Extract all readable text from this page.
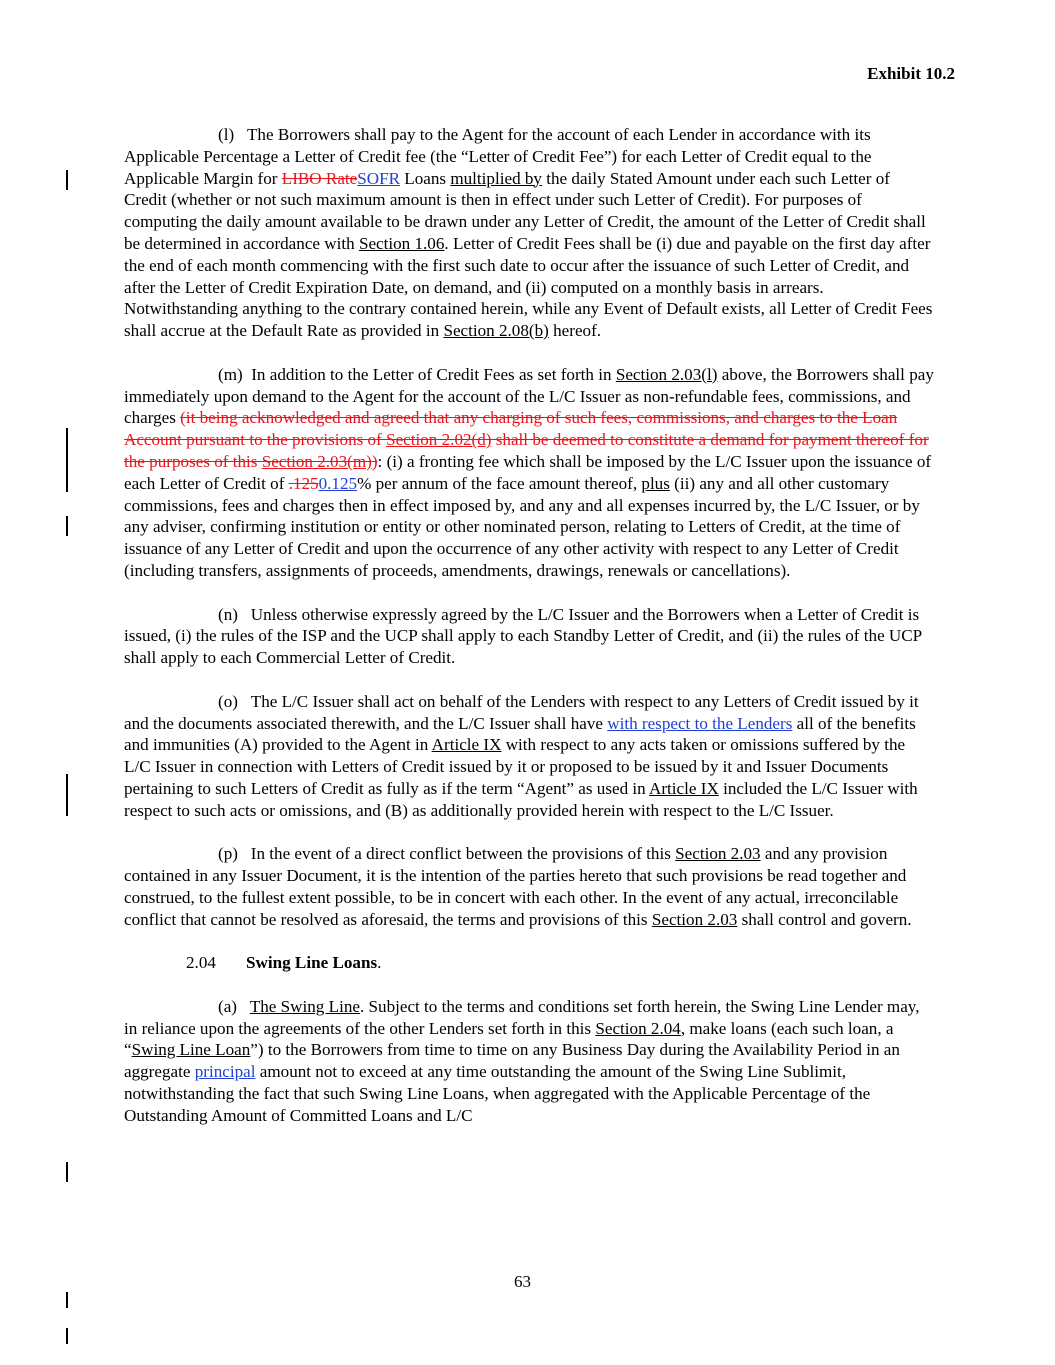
Exhibit 10.2

(l) The Borrowers shall pay to the Agent for the account of each Lender in accordance with its Applicable Percentage a Letter of Credit fee (the “Letter of Credit Fee”) for each Letter of Credit equal to the Applicable Margin for LIBO RateSOFR Loans multiplied by the daily Stated Amount under each such Letter of Credit (whether or not such maximum amount is then in effect under such Letter of Credit). For purposes of computing the daily amount available to be drawn under any Letter of Credit, the amount of the Letter of Credit shall be determined in accordance with Section 1.06. Letter of Credit Fees shall be (i) due and payable on the first day after the end of each month commencing with the first such date to occur after the issuance of such Letter of Credit, and after the Letter of Credit Expiration Date, on demand, and (ii) computed on a monthly basis in arrears. Notwithstanding anything to the contrary contained herein, while any Event of Default exists, all Letter of Credit Fees shall accrue at the Default Rate as provided in Section 2.08(b) hereof.

(m) In addition to the Letter of Credit Fees as set forth in Section 2.03(l) above, the Borrowers shall pay immediately upon demand to the Agent for the account of the L/C Issuer as non-refundable fees, commissions, and charges (it being acknowledged and agreed that any charging of such fees, commissions, and charges to the Loan Account pursuant to the provisions of Section 2.02(d) shall be deemed to constitute a demand for payment thereof for the purposes of this Section 2.03(m)): (i) a fronting fee which shall be imposed by the L/C Issuer upon the issuance of each Letter of Credit of .1250.125% per annum of the face amount thereof, plus (ii) any and all other customary commissions, fees and charges then in effect imposed by, and any and all expenses incurred by, the L/C Issuer, or by any adviser, confirming institution or entity or other nominated person, relating to Letters of Credit, at the time of issuance of any Letter of Credit and upon the occurrence of any other activity with respect to any Letter of Credit (including transfers, assignments of proceeds, amendments, drawings, renewals or cancellations).

(n) Unless otherwise expressly agreed by the L/C Issuer and the Borrowers when a Letter of Credit is issued, (i) the rules of the ISP and the UCP shall apply to each Standby Letter of Credit, and (ii) the rules of the UCP shall apply to each Commercial Letter of Credit.

(o) The L/C Issuer shall act on behalf of the Lenders with respect to any Letters of Credit issued by it and the documents associated therewith, and the L/C Issuer shall have with respect to the Lenders all of the benefits and immunities (A) provided to the Agent in Article IX with respect to any acts taken or omissions suffered by the L/C Issuer in connection with Letters of Credit issued by it or proposed to be issued by it and Issuer Documents pertaining to such Letters of Credit as fully as if the term “Agent” as used in Article IX included the L/C Issuer with respect to such acts or omissions, and (B) as additionally provided herein with respect to the L/C Issuer.

(p) In the event of a direct conflict between the provisions of this Section 2.03 and any provision contained in any Issuer Document, it is the intention of the parties hereto that such provisions be read together and construed, to the fullest extent possible, to be in concert with each other. In the event of any actual, irreconcilable conflict that cannot be resolved as aforesaid, the terms and provisions of this Section 2.03 shall control and govern.

2.04 Swing Line Loans.

(a) The Swing Line. Subject to the terms and conditions set forth herein, the Swing Line Lender may, in reliance upon the agreements of the other Lenders set forth in this Section 2.04, make loans (each such loan, a “Swing Line Loan”) to the Borrowers from time to time on any Business Day during the Availability Period in an aggregate principal amount not to exceed at any time outstanding the amount of the Swing Line Sublimit, notwithstanding the fact that such Swing Line Loans, when aggregated with the Applicable Percentage of the Outstanding Amount of Committed Loans and L/C

63
